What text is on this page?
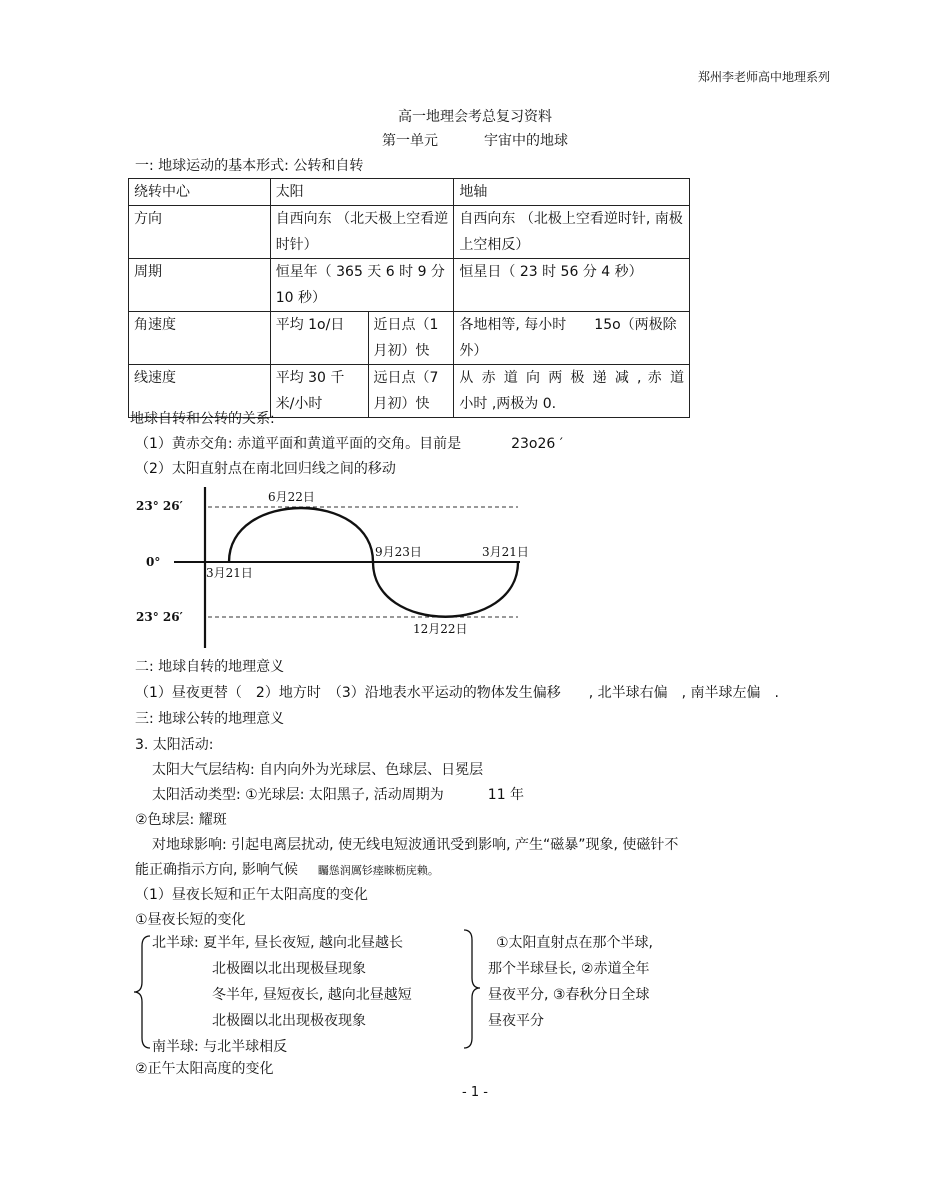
郑州李老师高中地理系列
高一地理会考总复习资料
第一单元	宇宙中的地球
一: 地球运动的基本形式: 公转和自转
绕转中心	太阳		地轴
方向	自西向东 （北天极上空看逆时针）		自西向东 （北极上空看逆时针, 南极上空相反）
周期	恒星年（ 365 天 6 时 9 分 10 秒）		恒星日（ 23 时 56 分 4 秒）
角速度	平均 1o/日	近日点（1月初）快	各地相等, 每小时　　15o（两极除外）
线速度	平均 30 千米/小时	远日点（7月初）快	从 赤 道 向 两 极 递 减 , 赤 道　　　　小时 ,两极为 0.
地球自转和公转的关系:
（1）黄赤交角: 赤道平面和黄道平面的交角。目前是	23o26 ′
（2）太阳直射点在南北回归线之间的移动
23° 26′
0°
23° 26′
3月21日
6月22日
9月23日	3月21日
12月22日
二: 地球自转的地理意义
（1）昼夜更替（　2）地方时　（3）沿地表水平运动的物体发生偏移　　, 北半球右偏　, 南半球左偏　.
三: 地球公转的地理意义
3. 太阳活动:
太阳大气层结构: 自内向外为光球层、色球层、日冕层
太阳活动类型: ①光球层: 太阳黑子, 活动周期为	11 年
②色球层: 耀斑
对地球影响: 引起电离层扰动, 使无线电短波通讯受到影响, 产生“磁暴”现象, 使磁针不
能正确指示方向, 影响气候 矚慫润厲钐瘗睞枥庑赖。
（1）昼夜长短和正午太阳高度的变化
①昼夜长短的变化
北半球: 夏半年, 昼长夜短, 越向北昼越长
北极圈以北出现极昼现象
冬半年, 昼短夜长, 越向北昼越短
北极圈以北出现极夜现象
南半球: 与北半球相反
①太阳直射点在那个半球,
那个半球昼长, ②赤道全年
昼夜平分, ③春秋分日全球
昼夜平分
②正午太阳高度的变化
- 1 -
